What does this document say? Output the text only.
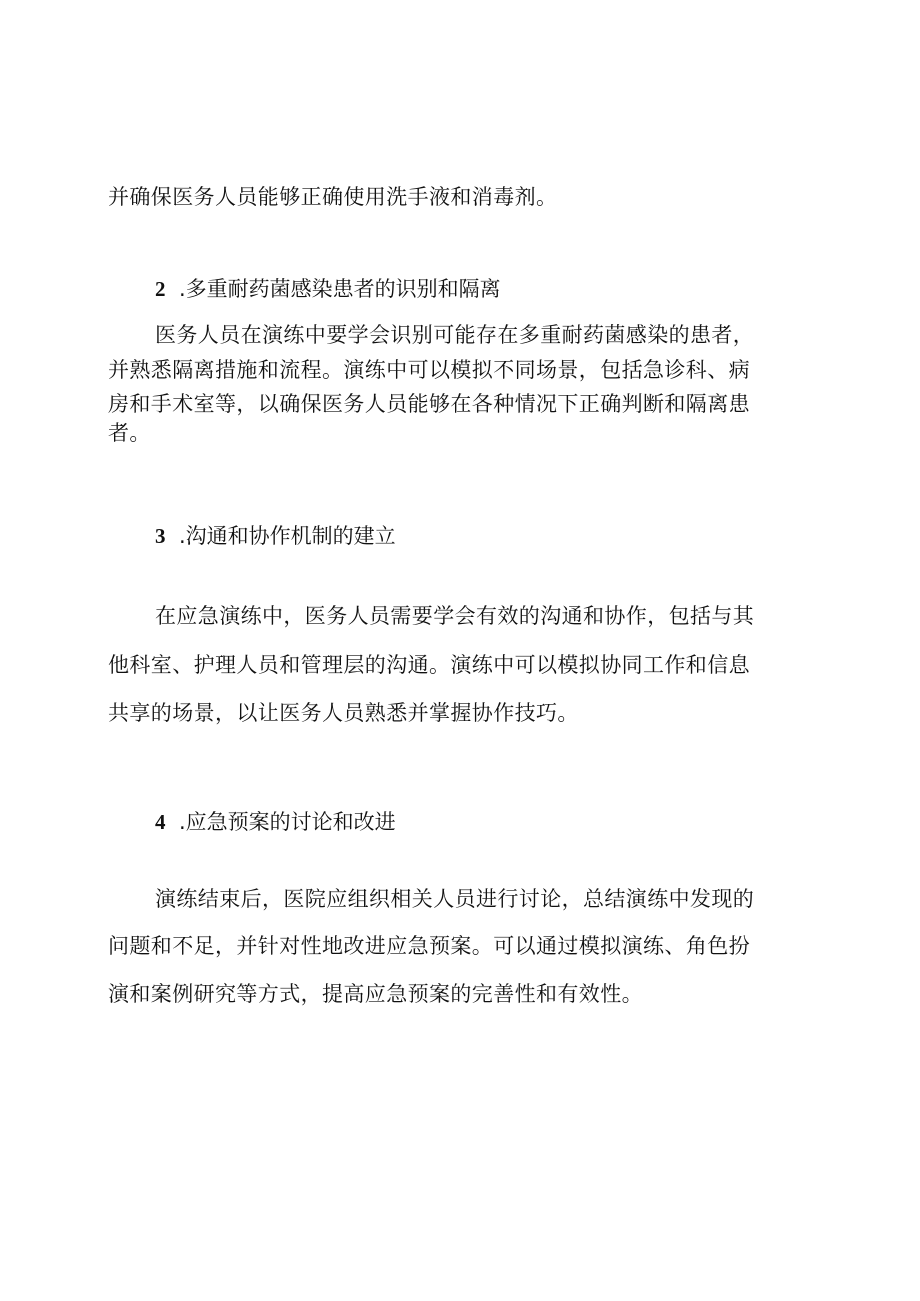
并确保医务人员能够正确使用洗手液和消毒剂。
2 .多重耐药菌感染患者的识别和隔离
医务人员在演练中要学会识别可能存在多重耐药菌感染的患者，
并熟悉隔离措施和流程。演练中可以模拟不同场景，包括急诊科、病
房和手术室等，以确保医务人员能够在各种情况下正确判断和隔离患
者。
3 .沟通和协作机制的建立
在应急演练中，医务人员需要学会有效的沟通和协作，包括与其
他科室、护理人员和管理层的沟通。演练中可以模拟协同工作和信息
共享的场景，以让医务人员熟悉并掌握协作技巧。
4 .应急预案的讨论和改进
演练结束后，医院应组织相关人员进行讨论，总结演练中发现的
问题和不足，并针对性地改进应急预案。可以通过模拟演练、角色扮
演和案例研究等方式，提高应急预案的完善性和有效性。
